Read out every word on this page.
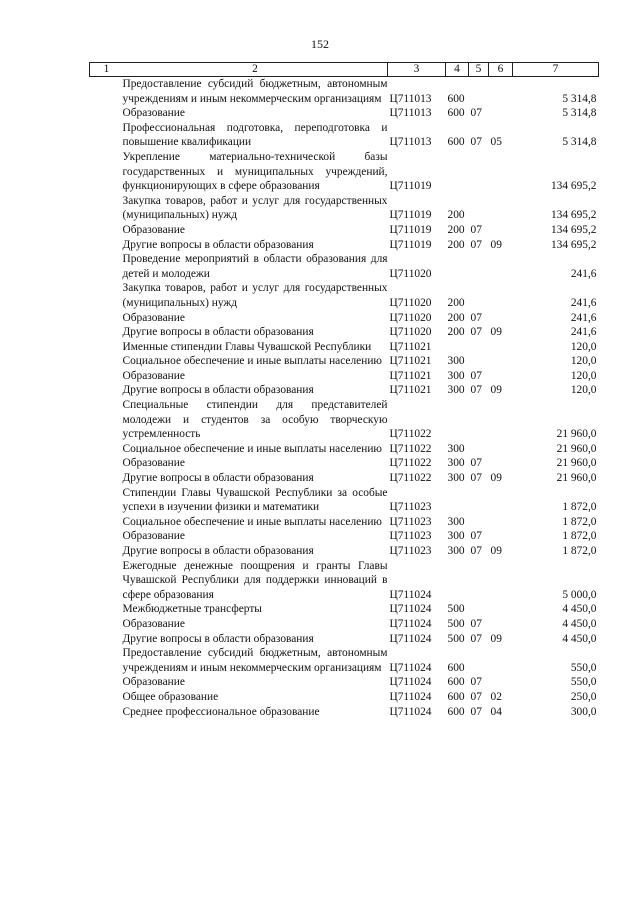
152
1 2	3	4	5	6	7
Предоставление субсидий бюджетным, автономным учреждениям и иным некоммерческим организациям	Ц711013	600			5 314,8
Образование	Ц711013	600	07		5 314,8
Профессиональная подготовка, переподготовка и повышение квалификации	Ц711013	600	07	05	5 314,8
Укрепление материально-технической базы государственных и муниципальных учреждений, функционирующих в сфере образования	Ц711019				134 695,2
Закупка товаров, работ и услуг для государственных (муниципальных) нужд	Ц711019	200			134 695,2
Образование	Ц711019	200	07		134 695,2
Другие вопросы в области образования	Ц711019	200	07	09	134 695,2
Проведение мероприятий в области образования для детей и молодежи	Ц711020				241,6
Закупка товаров, работ и услуг для государственных (муниципальных) нужд	Ц711020	200			241,6
Образование	Ц711020	200	07		241,6
Другие вопросы в области образования	Ц711020	200	07	09	241,6
Именные стипендии Главы Чувашской Республики	Ц711021				120,0
Социальное обеспечение и иные выплаты населению	Ц711021	300			120,0
Образование	Ц711021	300	07		120,0
Другие вопросы в области образования	Ц711021	300	07	09	120,0
Специальные стипендии для представителей молодежи и студентов за особую творческую устремленность	Ц711022				21 960,0
Социальное обеспечение и иные выплаты населению	Ц711022	300			21 960,0
Образование	Ц711022	300	07		21 960,0
Другие вопросы в области образования	Ц711022	300	07	09	21 960,0
Стипендии Главы Чувашской Республики за особые успехи в изучении физики и математики	Ц711023				1 872,0
Социальное обеспечение и иные выплаты населению	Ц711023	300			1 872,0
Образование	Ц711023	300	07		1 872,0
Другие вопросы в области образования	Ц711023	300	07	09	1 872,0
Ежегодные денежные поощрения и гранты Главы Чувашской Республики для поддержки инноваций в сфере образования	Ц711024				5 000,0
Межбюджетные трансферты	Ц711024	500			4 450,0
Образование	Ц711024	500	07		4 450,0
Другие вопросы в области образования	Ц711024	500	07	09	4 450,0
Предоставление субсидий бюджетным, автономным учреждениям и иным некоммерческим организациям	Ц711024	600			550,0
Образование	Ц711024	600	07		550,0
Общее образование	Ц711024	600	07	02	250,0
Среднее профессиональное образование	Ц711024	600	07	04	300,0
